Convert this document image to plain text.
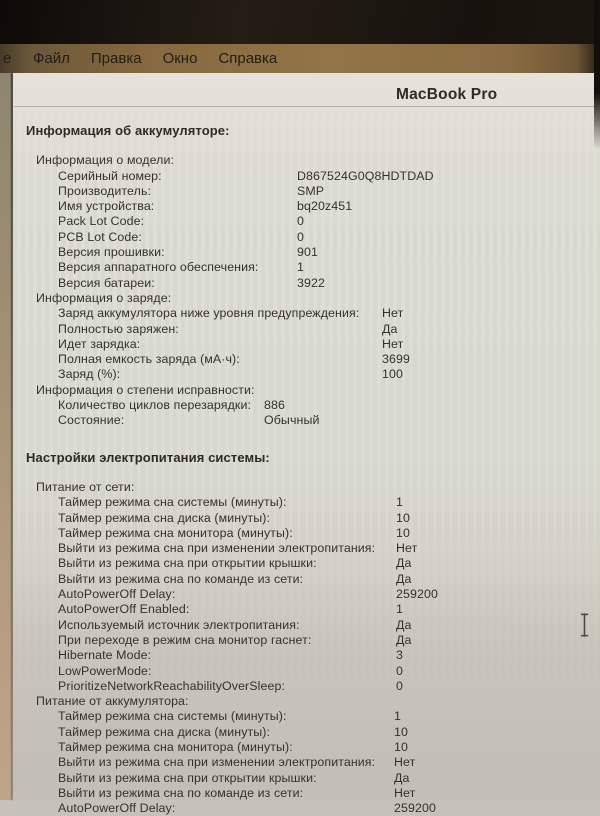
е Файл Правка Окно Справка
MacBook Pro
Информация об аккумуляторе:
Информация о модели:
Серийный номер:	D867524G0Q8HDTDAD
Производитель:	SMP
Имя устройства:	bq20z451
Pack Lot Code:	0
PCB Lot Code:	0
Версия прошивки:	901
Версия аппаратного обеспечения:	1
Версия батареи:	3922
Информация о заряде:
Заряд аккумулятора ниже уровня предупреждения: Нет
Полностью заряжен:	Да
Идет зарядка:	Нет
Полная емкость заряда (мА·ч):	3699
Заряд (%):	100
Информация о степени исправности:
Количество циклов перезарядки: 886
Состояние:	Обычный
Настройки электропитания системы:
Питание от сети:
Таймер режима сна системы (минуты):	1
Таймер режима сна диска (минуты):	10
Таймер режима сна монитора (минуты):	10
Выйти из режима сна при изменении электропитания: Нет
Выйти из режима сна при открытии крышки:	Да
Выйти из режима сна по команде из сети:	Да
AutoPowerOff Delay:	259200
AutoPowerOff Enabled:	1
Используемый источник электропитания:	Да
При переходе в режим сна монитор гаснет:	Да
Hibernate Mode:	3
LowPowerMode:	0
PrioritizeNetworkReachabilityOverSleep:	0
Питание от аккумулятора:
Таймер режима сна системы (минуты):	1
Таймер режима сна диска (минуты):	10
Таймер режима сна монитора (минуты):	10
Выйти из режима сна при изменении электропитания: Нет
Выйти из режима сна при открытии крышки:	Да
Выйти из режима сна по команде из сети:	Нет
AutoPowerOff Delay:	259200
